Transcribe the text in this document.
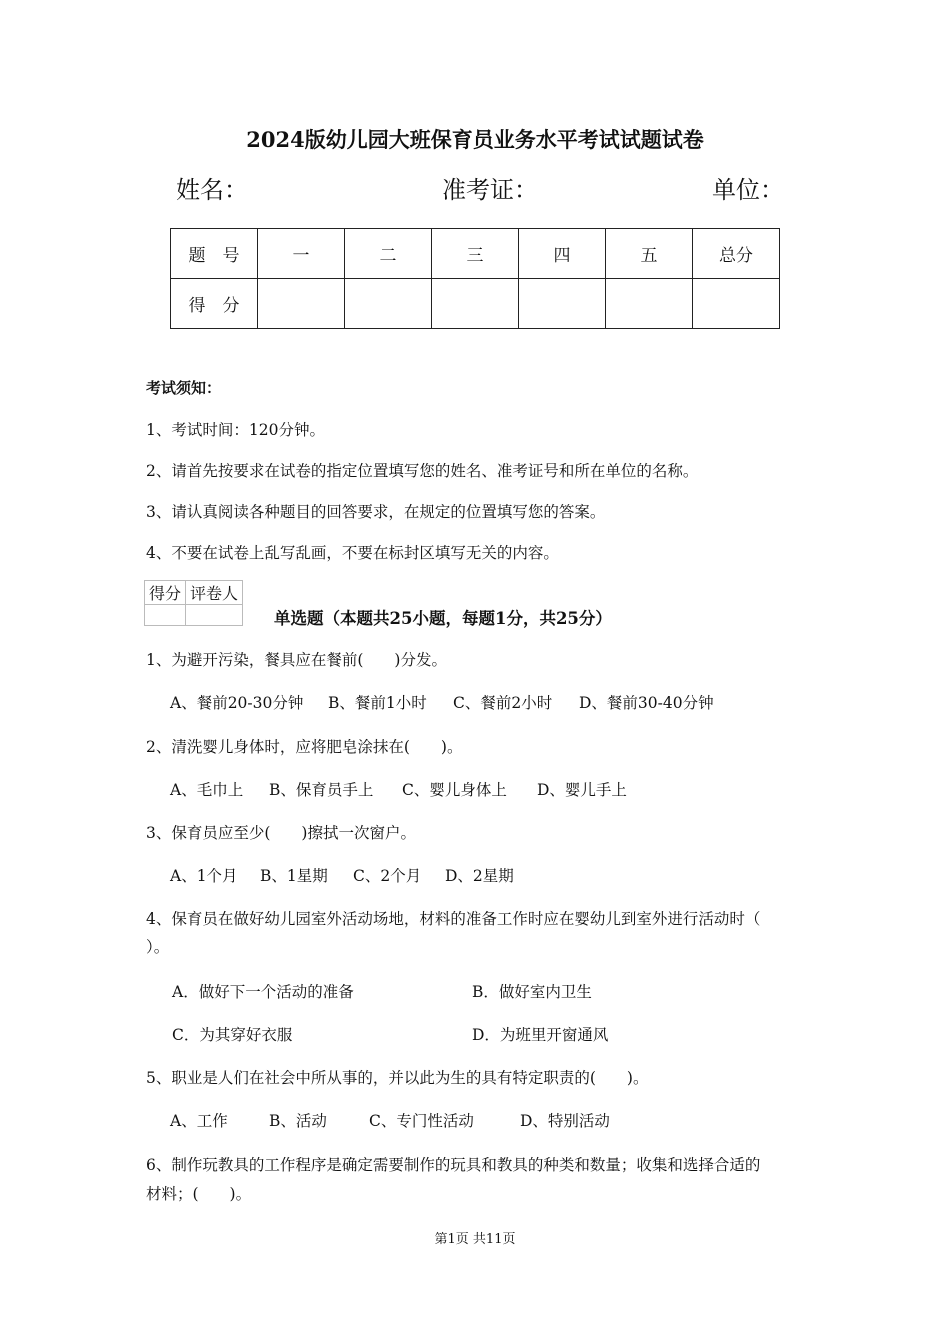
2024版幼儿园大班保育员业务水平考试试题试卷
姓名：	准考证：	单位：
题　号	一	二	三	四	五	总分
得　分						
考试须知：
1、考试时间：120分钟。
2、请首先按要求在试卷的指定位置填写您的姓名、准考证号和所在单位的名称。
3、请认真阅读各种题目的回答要求，在规定的位置填写您的答案。
4、不要在试卷上乱写乱画，不要在标封区填写无关的内容。
得分	评卷人

单选题（本题共25小题，每题1分，共25分）
1、为避开污染，餐具应在餐前(　　)分发。
A、餐前20-30分钟 B、餐前1小时 C、餐前2小时 D、餐前30-40分钟
2、清洗婴儿身体时，应将肥皂涂抹在(　　)。
A、毛巾上 B、保育员手上 C、婴儿身体上 D、婴儿手上
3、保育员应至少(　　)擦拭一次窗户。
A、1个月 B、1星期 C、2个月 D、2星期
4、保育员在做好幼儿园室外活动场地，材料的准备工作时应在婴幼儿到室外进行活动时（
）。
A．做好下一个活动的准备	B．做好室内卫生
C．为其穿好衣服	D．为班里开窗通风
5、职业是人们在社会中所从事的，并以此为生的具有特定职责的(　　)。
A、工作	B、活动	C、专门性活动	D、特别活动
6、制作玩教具的工作程序是确定需要制作的玩具和教具的种类和数量；收集和选择合适的
材料；(　　)。
第1页 共11页
